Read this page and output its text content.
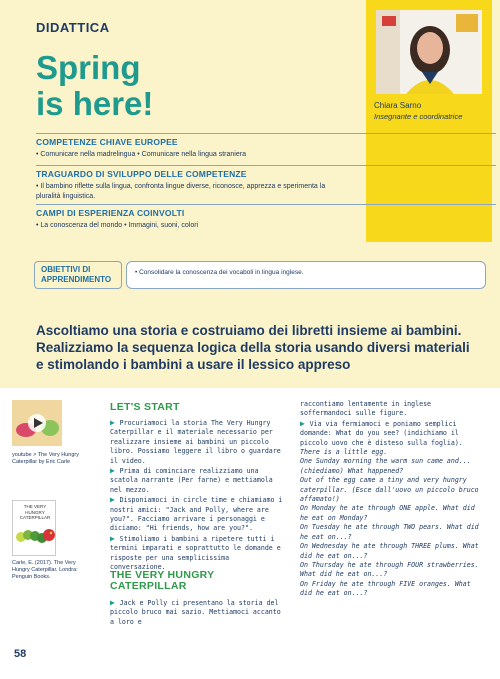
DIDATTICA
Spring
is here!	Chiara Sarno
Insegnante e coordinatrice
COMPETENZE CHIAVE EUROPEE
• Comunicare nella madrelingua • Comunicare nella lingua straniera
TRAGUARDO DI SVILUPPO DELLE COMPETENZE
• Il bambino riflette sulla lingua, confronta lingue diverse, riconosce, apprezza e sperimenta la pluralità linguistica.
CAMPI DI ESPERIENZA COINVOLTI
• La conoscenza del mondo • Immagini, suoni, colori
OBIETTIVI DI APPRENDIMENTO
• Consolidare la conoscenza dei vocaboli in lingua inglese.
Ascoltiamo una storia e costruiamo dei libretti insieme ai bambini. Realizziamo la sequenza logica della storia usando diversi materiali e stimolando i bambini a usare il lessico appreso
youtube > The Very Hungry Caterpillar by Eric Carle
THE VERY HUNGRY CATERPILLAR
Carle, E. (2017). The Very Hungry Caterpillar. Londra: Penguin Books.
LET'S START

▶ Procuriamoci la storia The Very Hungry Caterpillar e il materiale necessario per realizzare insieme ai bambini un piccolo libro. Possiamo leggere il libro o guardare il video.

▶ Prima di cominciare realizziamo una scatola narrante (Per farne) e mettiamola nel mezzo.

▶ Disponiamoci in circle time e chiamiamo i nostri amici: "Jack and Polly, where are you?". Facciamo arrivare i personaggi e diciamo: "Hi friends, how are you?".

▶ Stimoliamo i bambini a ripetere tutti i termini imparati e soprattutto le domande e risposte per una semplicissima conversazione.

THE VERY HUNGRY
CATERPILLAR

▶ Jack e Polly ci presentano la storia del piccolo bruco mai sazio. Mettiamoci accanto a loro e

raccontiamo lentamente in inglese soffermandoci sulle figure.

▶ Via via fermiamoci e poniamo semplici domande: What do you see? (indichiamo il piccolo uovo che è disteso sulla foglia).

There is a little egg.

One Sunday morning the warm sun came and... (chiediamo) What happened?

Out of the egg came a tiny and very hungry caterpillar. (Esce dall'uovo un piccolo bruco affamato!)

On Monday he ate through ONE apple. What did he eat on Monday?

On Tuesday he ate through TWO pears. What did he eat on...?

On Wednesday he ate through THREE plums. What did he eat on...?

On Thursday he ate through FOUR strawberries. What did he eat on...?

On Friday he ate through FIVE oranges. What did he eat on...?

58
